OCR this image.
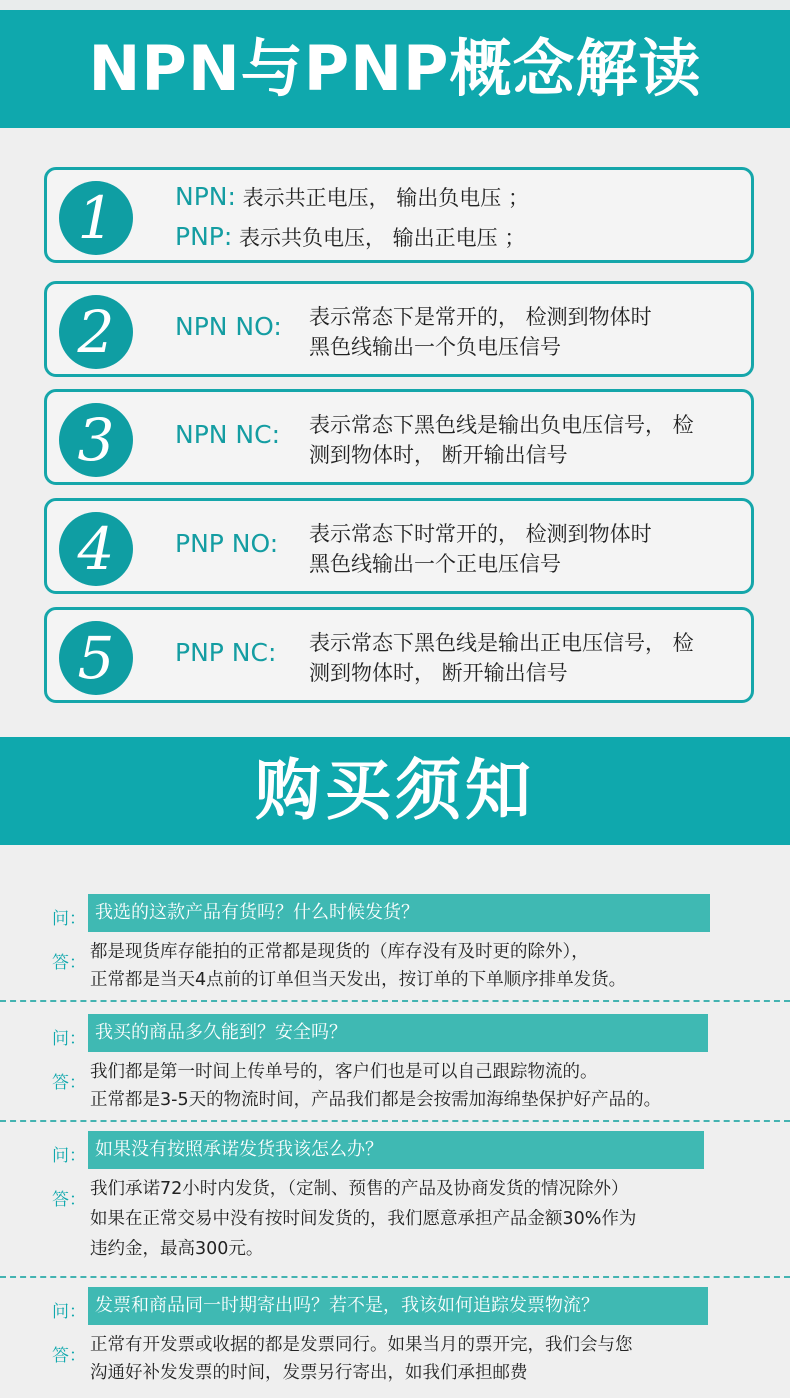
NPN与PNP概念解读
1	NPN: 表示共正电压， 输出负电压 ；
PNP: 表示共负电压， 输出正电压 ；
2	NPN NO: 表示常态下是常开的， 检测到物体时
黑色线输出一个负电压信号
3	NPN NC: 表示常态下黑色线是输出负电压信号， 检
测到物体时， 断开输出信号
4	PNP NO: 表示常态下时常开的， 检测到物体时
黑色线输出一个正电压信号
5	PNP NC: 表示常态下黑色线是输出正电压信号， 检
测到物体时， 断开输出信号
购买须知
问： 我选的这款产品有货吗？什么时候发货？
答：
都是现货库存能拍的正常都是现货的（库存没有及时更的除外），
正常都是当天4点前的订单但当天发出，按订单的下单顺序排单发货。
问： 我买的商品多久能到？安全吗？
答：
我们都是第一时间上传单号的，客户们也是可以自己跟踪物流的。
正常都是3-5天的物流时间，产品我们都是会按需加海绵垫保护好产品的。
问： 如果没有按照承诺发货我该怎么办？
答：
我们承诺72小时内发货，（定制、预售的产品及协商发货的情况除外）
如果在正常交易中没有按时间发货的，我们愿意承担产品金额30%作为
违约金，最高300元。
问： 发票和商品同一时期寄出吗？若不是，我该如何追踪发票物流？
答：
正常有开发票或收据的都是发票同行。如果当月的票开完，我们会与您
沟通好补发发票的时间，发票另行寄出，如我们承担邮费
